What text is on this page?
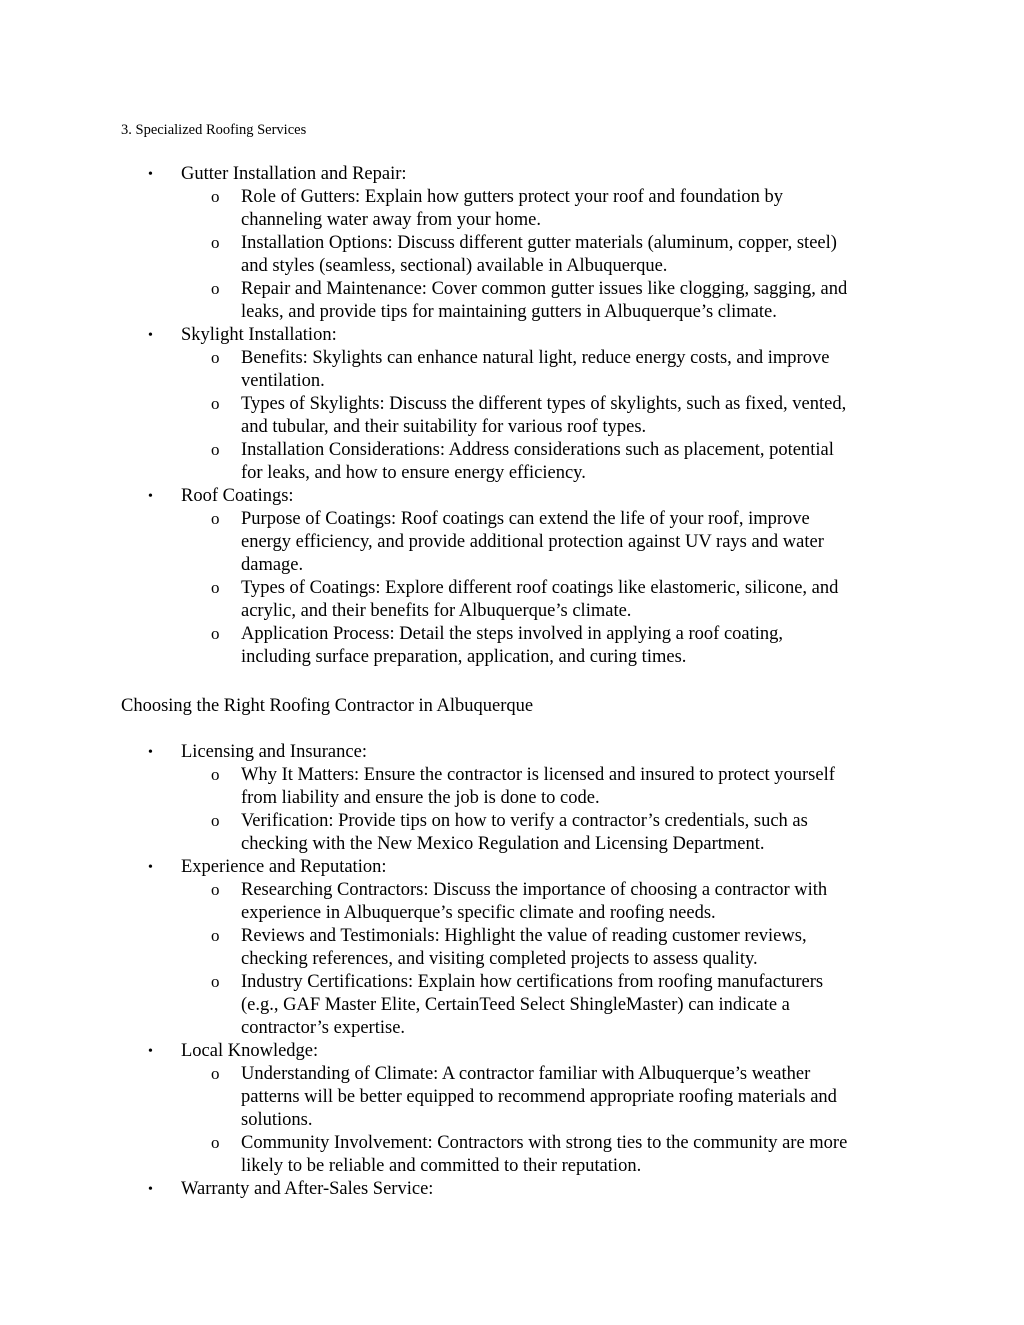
3. Specialized Roofing Services
• Gutter Installation and Repair:
o Role of Gutters: Explain how gutters protect your roof and foundation by
channeling water away from your home.
o Installation Options: Discuss different gutter materials (aluminum, copper, steel)
and styles (seamless, sectional) available in Albuquerque.
o Repair and Maintenance: Cover common gutter issues like clogging, sagging, and
leaks, and provide tips for maintaining gutters in Albuquerque’s climate.
• Skylight Installation:
o Benefits: Skylights can enhance natural light, reduce energy costs, and improve
ventilation.
o Types of Skylights: Discuss the different types of skylights, such as fixed, vented,
and tubular, and their suitability for various roof types.
o Installation Considerations: Address considerations such as placement, potential
for leaks, and how to ensure energy efficiency.
• Roof Coatings:
o Purpose of Coatings: Roof coatings can extend the life of your roof, improve
energy efficiency, and provide additional protection against UV rays and water
damage.
o Types of Coatings: Explore different roof coatings like elastomeric, silicone, and
acrylic, and their benefits for Albuquerque’s climate.
o Application Process: Detail the steps involved in applying a roof coating,
including surface preparation, application, and curing times.
Choosing the Right Roofing Contractor in Albuquerque
• Licensing and Insurance:
o Why It Matters: Ensure the contractor is licensed and insured to protect yourself
from liability and ensure the job is done to code.
o Verification: Provide tips on how to verify a contractor’s credentials, such as
checking with the New Mexico Regulation and Licensing Department.
• Experience and Reputation:
o Researching Contractors: Discuss the importance of choosing a contractor with
experience in Albuquerque’s specific climate and roofing needs.
o Reviews and Testimonials: Highlight the value of reading customer reviews,
checking references, and visiting completed projects to assess quality.
o Industry Certifications: Explain how certifications from roofing manufacturers
(e.g., GAF Master Elite, CertainTeed Select ShingleMaster) can indicate a
contractor’s expertise.
• Local Knowledge:
o Understanding of Climate: A contractor familiar with Albuquerque’s weather
patterns will be better equipped to recommend appropriate roofing materials and
solutions.
o Community Involvement: Contractors with strong ties to the community are more
likely to be reliable and committed to their reputation.
• Warranty and After-Sales Service:
